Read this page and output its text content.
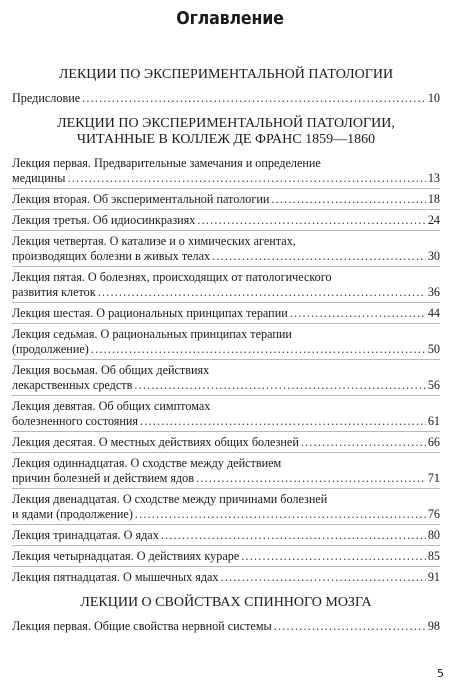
Оглавление
ЛЕКЦИИ ПО ЭКСПЕРИМЕНТАЛЬНОЙ ПАТОЛОГИИ
Предисловие .....	10
ЛЕКЦИИ ПО ЭКСПЕРИМЕНТАЛЬНОЙ ПАТОЛОГИИ,
ЧИТАННЫЕ В КОЛЛЕЖ ДЕ ФРАНС 1859—1860
Лекция первая. Предварительные замечания и определение
медицины .....	13
Лекция вторая. Об экспериментальной патологии .....	18
Лекция третья. Об идиосинкразиях .....	24
Лекция четвертая. О катализе и о химических агентах,
производящих болезни в живых телах .....	30
Лекция пятая. О болезнях, происходящих от патологического
развития клеток .....	36
Лекция шестая. О рациональных принципах терапии .....	44
Лекция седьмая. О рациональных принципах терапии
(продолжение) .....	50
Лекция восьмая. Об общих действиях
лекарственных средств .....	56
Лекция девятая. Об общих симптомах
болезненного состояния .....	61
Лекция десятая. О местных действиях общих болезней .....	66
Лекция одиннадцатая. О сходстве между действием
причин болезней и действием ядов .....	71
Лекция двенадцатая. О сходстве между причинами болезней
и ядами (продолжение) .....	76
Лекция тринадцатая. О ядах .....	80
Лекция четырнадцатая. О действиях кураре .....	85
Лекция пятнадцатая. О мышечных ядах .....	91
ЛЕКЦИИ О СВОЙСТВАХ СПИННОГО МОЗГА
Лекция первая. Общие свойства нервной системы .....	98
5
